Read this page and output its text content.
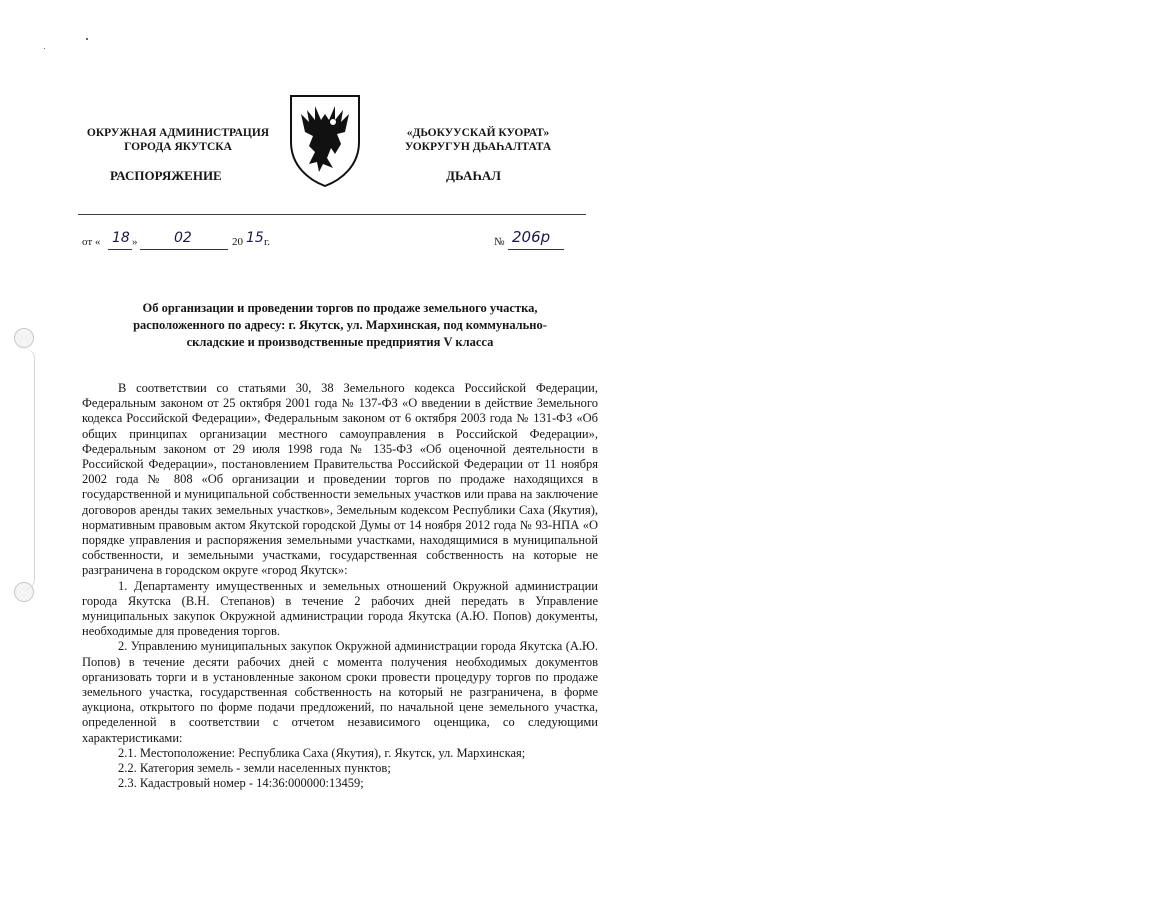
ОКРУЖНАЯ АДМИНИСТРАЦИЯ
ГОРОДА ЯКУТСКА
РАСПОРЯЖЕНИЕ
«ДЬОКУУСКАЙ КУОРАТ»
УОКРУГУН ДЬАҺАЛТАТА
ДЬАҺАЛ
от « 18 »	02	20 15 г.	№ 206р
Об организации и проведении торгов по продаже земельного участка,
расположенного по адресу: г. Якутск, ул. Мархинская, под коммунально-
складские и производственные предприятия V класса

В соответствии со статьями 30, 38 Земельного кодекса Российской Федерации, Федеральным законом от 25 октября 2001 года № 137-ФЗ «О введении в действие Земельного кодекса Российской Федерации», Федеральным законом от 6 октября 2003 года № 131-ФЗ «Об общих принципах организации местного самоуправления в Российской Федерации», Федеральным законом от 29 июля 1998 года № 135-ФЗ «Об оценочной деятельности в Российской Федерации», постановлением Правительства Российской Федерации от 11 ноября 2002 года № 808 «Об организации и проведении торгов по продаже находящихся в государственной и муниципальной собственности земельных участков или права на заключение договоров аренды таких земельных участков», Земельным кодексом Республики Саха (Якутия), нормативным правовым актом Якутской городской Думы от 14 ноября 2012 года № 93-НПА «О порядке управления и распоряжения земельными участками, находящимися в муниципальной собственности, и земельными участками, государственная собственность на которые не разграничена в городском округе «город Якутск»:

1. Департаменту имущественных и земельных отношений Окружной администрации города Якутска (В.Н. Степанов) в течение 2 рабочих дней передать в Управление муниципальных закупок Окружной администрации города Якутска (А.Ю. Попов) документы, необходимые для проведения торгов.

2. Управлению муниципальных закупок Окружной администрации города Якутска (А.Ю. Попов) в течение десяти рабочих дней с момента получения необходимых документов организовать торги и в установленные законом сроки провести процедуру торгов по продаже земельного участка, государственная собственность на который не разграничена, в форме аукциона, открытого по форме подачи предложений, по начальной цене земельного участка, определенной в соответствии с отчетом независимого оценщика, со следующими характеристиками:

2.1. Местоположение: Республика Саха (Якутия), г. Якутск, ул. Мархинская;

2.2. Категория земель - земли населенных пунктов;

2.3. Кадастровый номер - 14:36:000000:13459;
